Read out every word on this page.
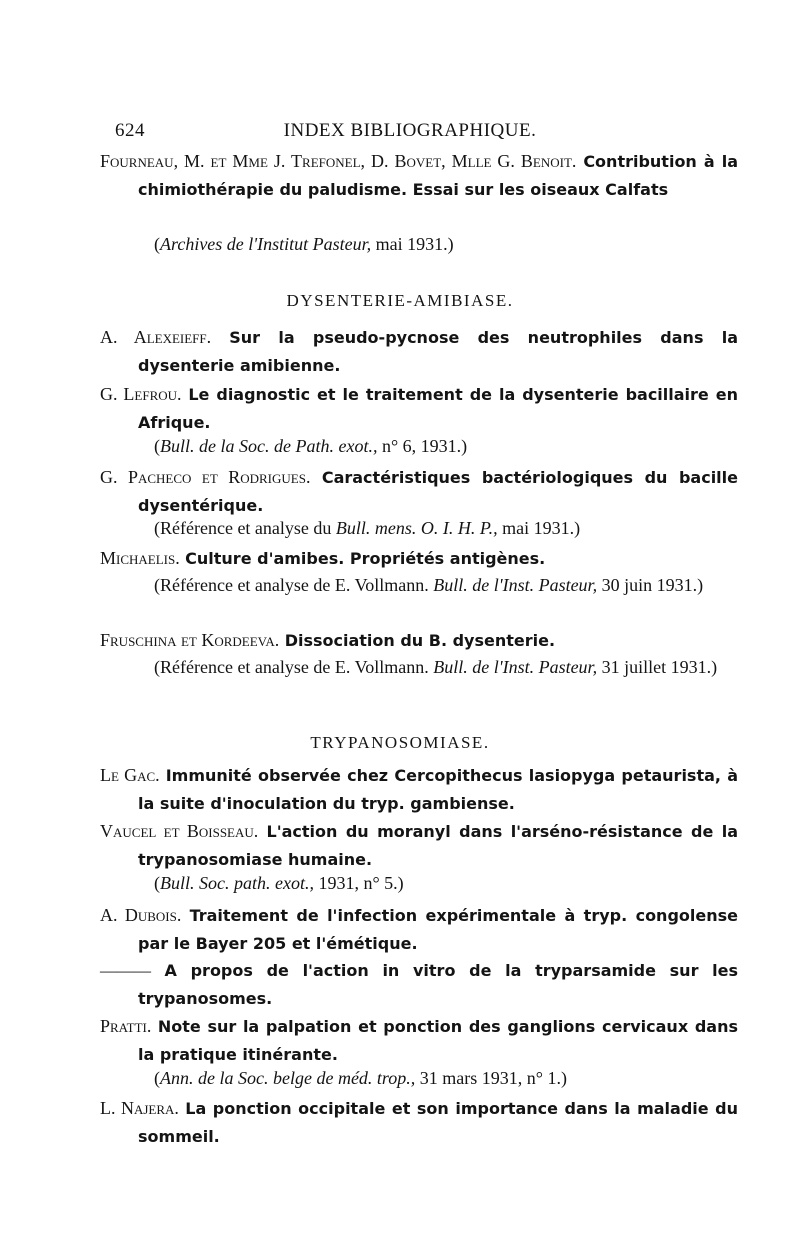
624	INDEX BIBLIOGRAPHIQUE.
Fourneau, M. et Mme J. Trefonel, D. Bovet, Mlle G. Benoit. Contribution à la chimiothérapie du paludisme. Essai sur les oiseaux Calfats
(Archives de l'Institut Pasteur, mai 1931.)
DYSENTERIE-AMIBIASE.
A. Alexeieff. Sur la pseudo-pycnose des neutrophiles dans la dysenterie amibienne.
G. Lefrou. Le diagnostic et le traitement de la dysenterie bacillaire en Afrique.
(Bull. de la Soc. de Path. exot., n° 6, 1931.)
G. Pacheco et Rodrigues. Caractéristiques bactériologiques du bacille dysentérique.
(Référence et analyse du Bull. mens. O. I. H. P., mai 1931.)
Michaelis. Culture d'amibes. Propriétés antigènes.
(Référence et analyse de E. Vollmann. Bull. de l'Inst. Pasteur, 30 juin 1931.)
Fruschina et Kordeeva. Dissociation du B. dysenterie.
(Référence et analyse de E. Vollmann. Bull. de l'Inst. Pasteur, 31 juillet 1931.)
TRYPANOSOMIASE.
Le Gac. Immunité observée chez Cercopithecus lasiopyga petaurista, à la suite d'inoculation du tryp. gambiense.
Vaucel et Boisseau. L'action du moranyl dans l'arséno-résistance de la trypanosomiase humaine.
(Bull. Soc. path. exot., 1931, n° 5.)
A. Dubois. Traitement de l'infection expérimentale à tryp. congolense par le Bayer 205 et l'émétique.
——— A propos de l'action in vitro de la tryparsamide sur les trypanosomes.
Pratti. Note sur la palpation et ponction des ganglions cervicaux dans la pratique itinérante.
(Ann. de la Soc. belge de méd. trop., 31 mars 1931, n° 1.)
L. Najera. La ponction occipitale et son importance dans la maladie du sommeil.
